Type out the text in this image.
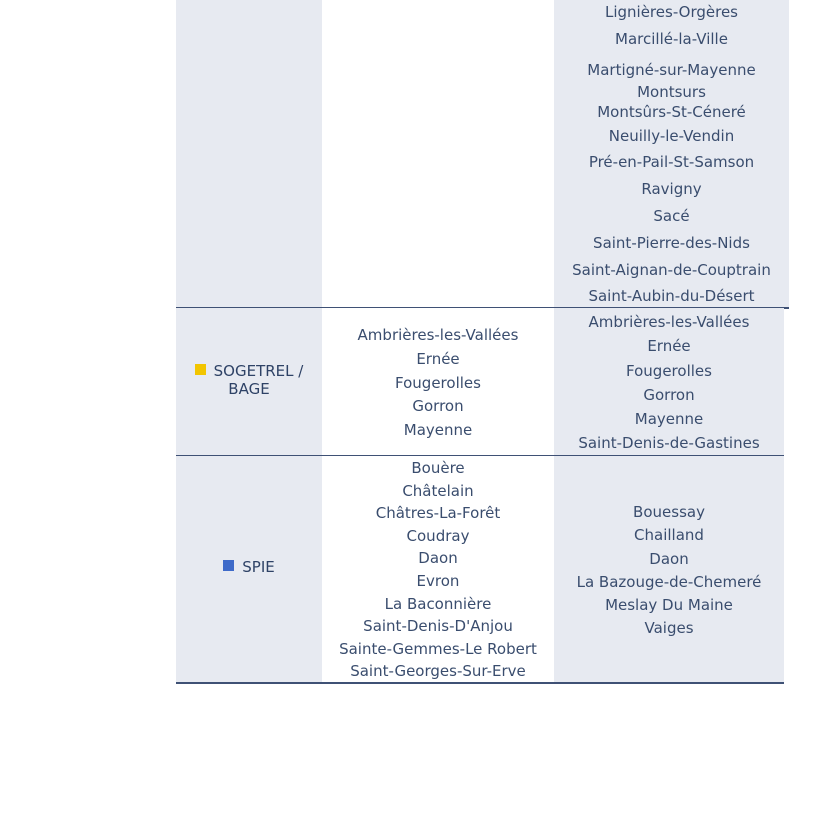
Lignières-Orgères
Marcillé-la-Ville
Martigné-sur-Mayenne
Montsurs
Montsûrs-St-Céneré
Neuilly-le-Vendin
Pré-en-Pail-St-Samson
Ravigny
Sacé
Saint-Pierre-des-Nids
Saint-Aignan-de-Couptrain
Saint-Aubin-du-Désert
Ambrières-les-Vallées
Ernée
Fougerolles
Gorron
Mayenne
Ambrières-les-Vallées
Ernée
Fougerolles
Gorron
Mayenne
Saint-Denis-de-Gastines
SOGETREL /
BAGE
Bouère
Châtelain
Châtres-La-Forêt
Coudray
Daon
Evron
La Baconnière
Saint-Denis-D'Anjou
Sainte-Gemmes-Le Robert
Saint-Georges-Sur-Erve
Bouessay
Chailland
Daon
La Bazouge-de-Chemeré
Meslay Du Maine
Vaiges
SPIE
